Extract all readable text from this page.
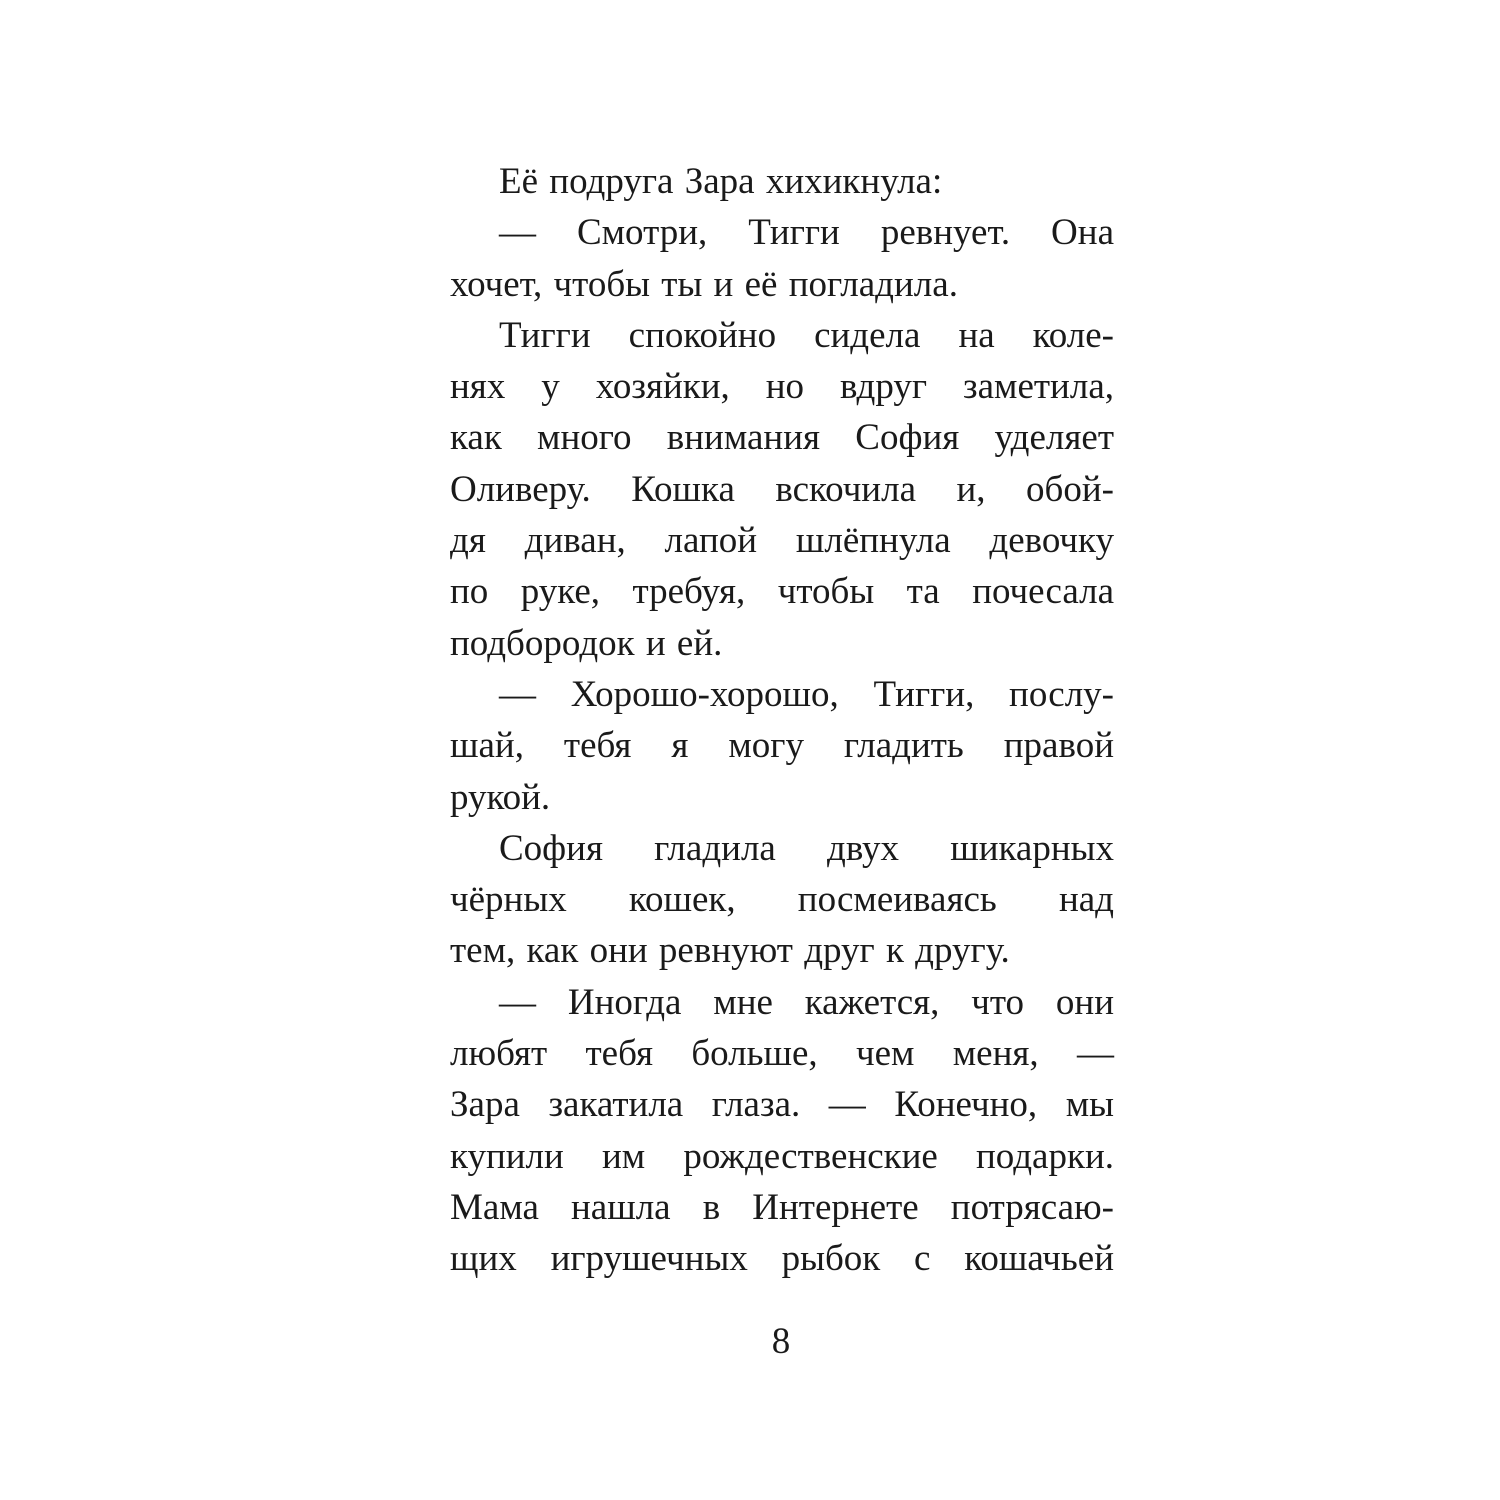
Её подруга Зара хихикнула:
— Смотри, Тигги ревнует. Она
хочет, чтобы ты и её погладила.
Тигги спокойно сидела на коле-
нях у хозяйки, но вдруг заметила,
как много внимания София уделяет
Оливеру. Кошка вскочила и, обой-
дя диван, лапой шлёпнула девочку
по руке, требуя, чтобы та почесала
подбородок и ей.
— Хорошо-хорошо, Тигги, послу-
шай, тебя я могу гладить правой
рукой.
София гладила двух шикарных
чёрных кошек, посмеиваясь над
тем, как они ревнуют друг к другу.
— Иногда мне кажется, что они
любят тебя больше, чем меня, —
Зара закатила глаза. — Конечно, мы
купили им рождественские подарки.
Мама нашла в Интернете потрясаю-
щих игрушечных рыбок с кошачьей
8
